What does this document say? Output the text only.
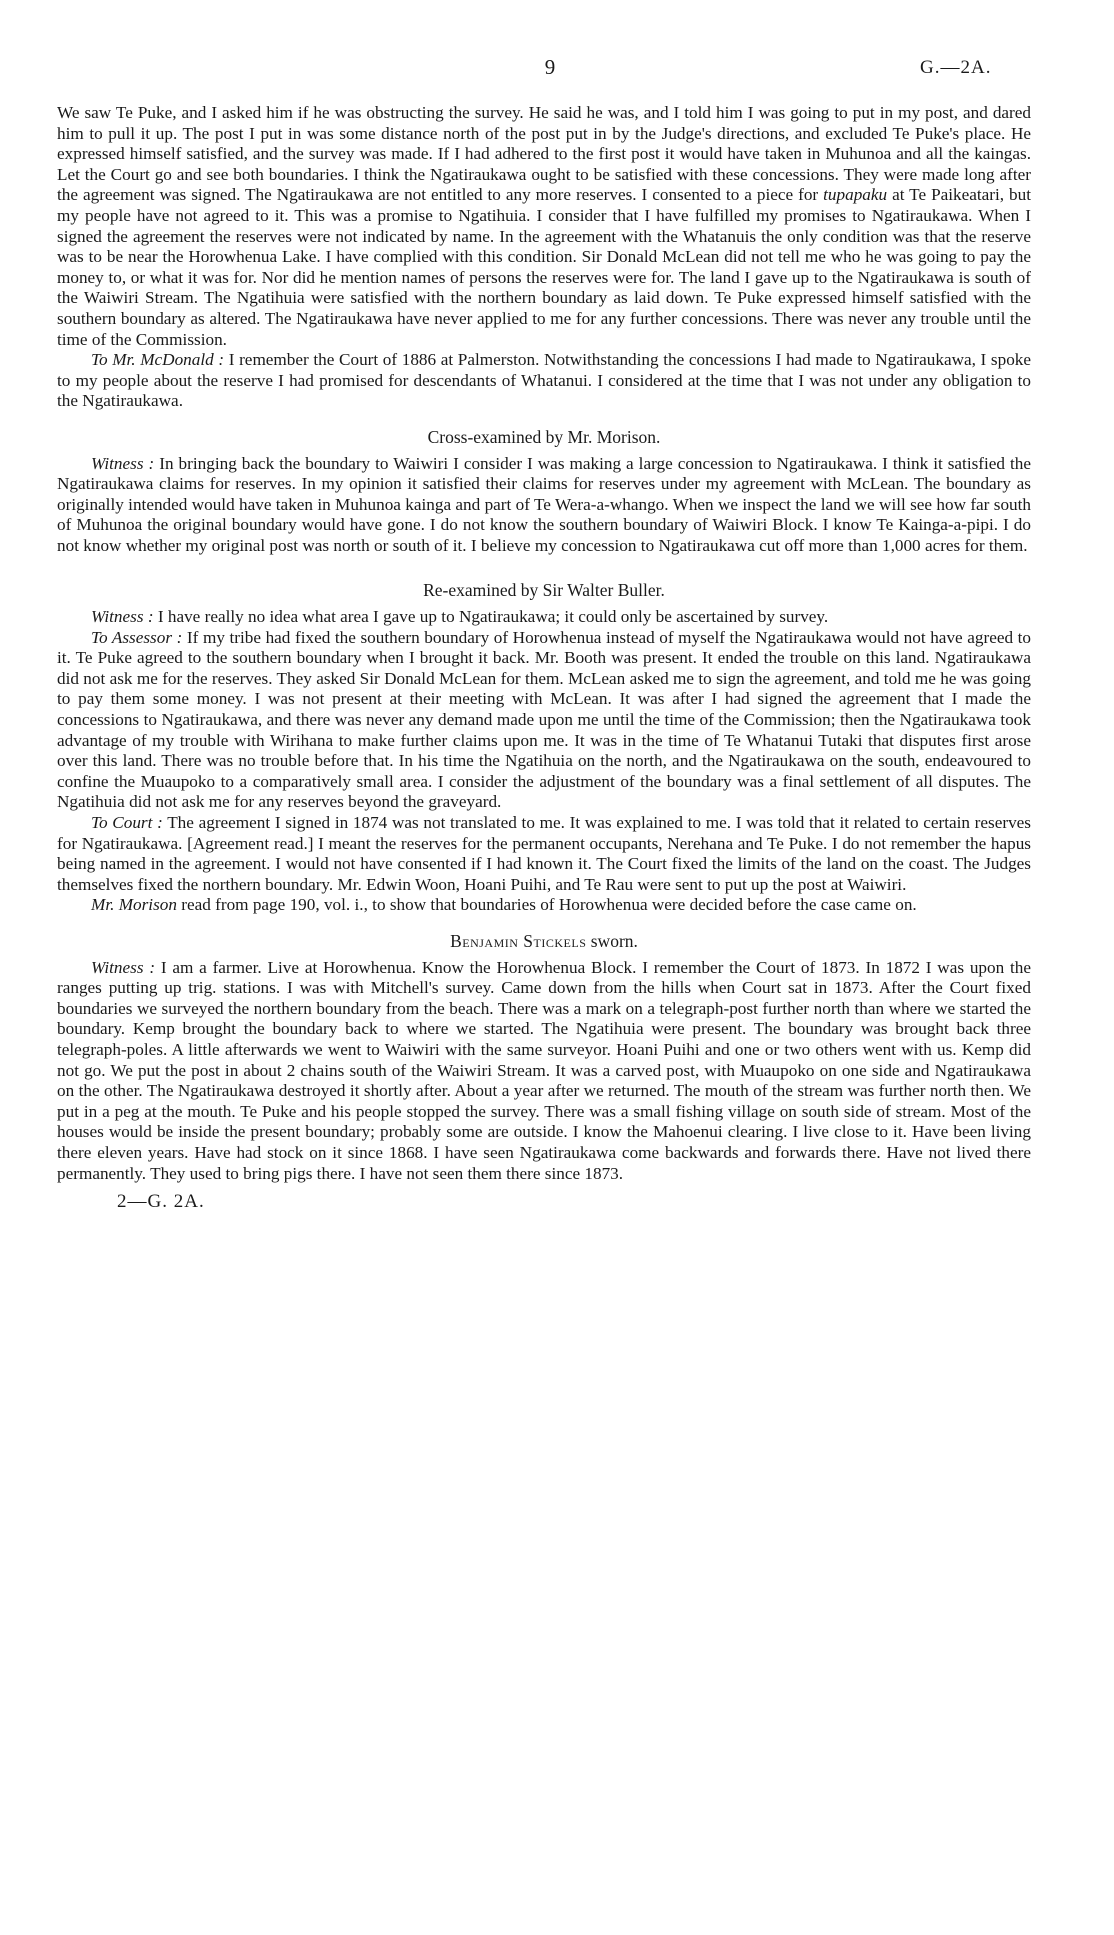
9	G.—2A.

We saw Te Puke, and I asked him if he was obstructing the survey. He said he was, and I told him I was going to put in my post, and dared him to pull it up. The post I put in was some distance north of the post put in by the Judge's directions, and excluded Te Puke's place. He expressed himself satisfied, and the survey was made. If I had adhered to the first post it would have taken in Muhunoa and all the kaingas. Let the Court go and see both boundaries. I think the Ngatiraukawa ought to be satisfied with these concessions. They were made long after the agreement was signed. The Ngatiraukawa are not entitled to any more reserves. I consented to a piece for tupapaku at Te Paikeatari, but my people have not agreed to it. This was a promise to Ngatihuia. I consider that I have fulfilled my promises to Ngatiraukawa. When I signed the agreement the reserves were not indicated by name. In the agreement with the Whatanuis the only condition was that the reserve was to be near the Horowhenua Lake. I have complied with this condition. Sir Donald McLean did not tell me who he was going to pay the money to, or what it was for. Nor did he mention names of persons the reserves were for. The land I gave up to the Ngatiraukawa is south of the Waiwiri Stream. The Ngatihuia were satisfied with the northern boundary as laid down. Te Puke expressed himself satisfied with the southern boundary as altered. The Ngatiraukawa have never applied to me for any further concessions. There was never any trouble until the time of the Commission.

To Mr. McDonald : I remember the Court of 1886 at Palmerston. Notwithstanding the concessions I had made to Ngatiraukawa, I spoke to my people about the reserve I had promised for descendants of Whatanui. I considered at the time that I was not under any obligation to the Ngatiraukawa.

Cross-examined by Mr. Morison.

Witness : In bringing back the boundary to Waiwiri I consider I was making a large concession to Ngatiraukawa. I think it satisfied the Ngatiraukawa claims for reserves. In my opinion it satisfied their claims for reserves under my agreement with McLean. The boundary as originally intended would have taken in Muhunoa kainga and part of Te Wera-a-whango. When we inspect the land we will see how far south of Muhunoa the original boundary would have gone. I do not know the southern boundary of Waiwiri Block. I know Te Kainga-a-pipi. I do not know whether my original post was north or south of it. I believe my concession to Ngatiraukawa cut off more than 1,000 acres for them.

Re-examined by Sir Walter Buller.

Witness : I have really no idea what area I gave up to Ngatiraukawa; it could only be ascertained by survey.

To Assessor : If my tribe had fixed the southern boundary of Horowhenua instead of myself the Ngatiraukawa would not have agreed to it. Te Puke agreed to the southern boundary when I brought it back. Mr. Booth was present. It ended the trouble on this land. Ngatiraukawa did not ask me for the reserves. They asked Sir Donald McLean for them. McLean asked me to sign the agreement, and told me he was going to pay them some money. I was not present at their meeting with McLean. It was after I had signed the agreement that I made the concessions to Ngatiraukawa, and there was never any demand made upon me until the time of the Commission; then the Ngatiraukawa took advantage of my trouble with Wirihana to make further claims upon me. It was in the time of Te Whatanui Tutaki that disputes first arose over this land. There was no trouble before that. In his time the Ngatihuia on the north, and the Ngatiraukawa on the south, endeavoured to confine the Muaupoko to a comparatively small area. I consider the adjustment of the boundary was a final settlement of all disputes. The Ngatihuia did not ask me for any reserves beyond the graveyard.

To Court : The agreement I signed in 1874 was not translated to me. It was explained to me. I was told that it related to certain reserves for Ngatiraukawa. [Agreement read.] I meant the reserves for the permanent occupants, Nerehana and Te Puke. I do not remember the hapus being named in the agreement. I would not have consented if I had known it. The Court fixed the limits of the land on the coast. The Judges themselves fixed the northern boundary. Mr. Edwin Woon, Hoani Puihi, and Te Rau were sent to put up the post at Waiwiri.

Mr. Morison read from page 190, vol. i., to show that boundaries of Horowhenua were decided before the case came on.

Benjamin Stickels sworn.

Witness : I am a farmer. Live at Horowhenua. Know the Horowhenua Block. I remember the Court of 1873. In 1872 I was upon the ranges putting up trig. stations. I was with Mitchell's survey. Came down from the hills when Court sat in 1873. After the Court fixed boundaries we surveyed the northern boundary from the beach. There was a mark on a telegraph-post further north than where we started the boundary. Kemp brought the boundary back to where we started. The Ngatihuia were present. The boundary was brought back three telegraph-poles. A little afterwards we went to Waiwiri with the same surveyor. Hoani Puihi and one or two others went with us. Kemp did not go. We put the post in about 2 chains south of the Waiwiri Stream. It was a carved post, with Muaupoko on one side and Ngatiraukawa on the other. The Ngatiraukawa destroyed it shortly after. About a year after we returned. The mouth of the stream was further north then. We put in a peg at the mouth. Te Puke and his people stopped the survey. There was a small fishing village on south side of stream. Most of the houses would be inside the present boundary; probably some are outside. I know the Mahoenui clearing. I live close to it. Have been living there eleven years. Have had stock on it since 1868. I have seen Ngatiraukawa come backwards and forwards there. Have not lived there permanently. They used to bring pigs there. I have not seen them there since 1873.

2—G. 2A.
